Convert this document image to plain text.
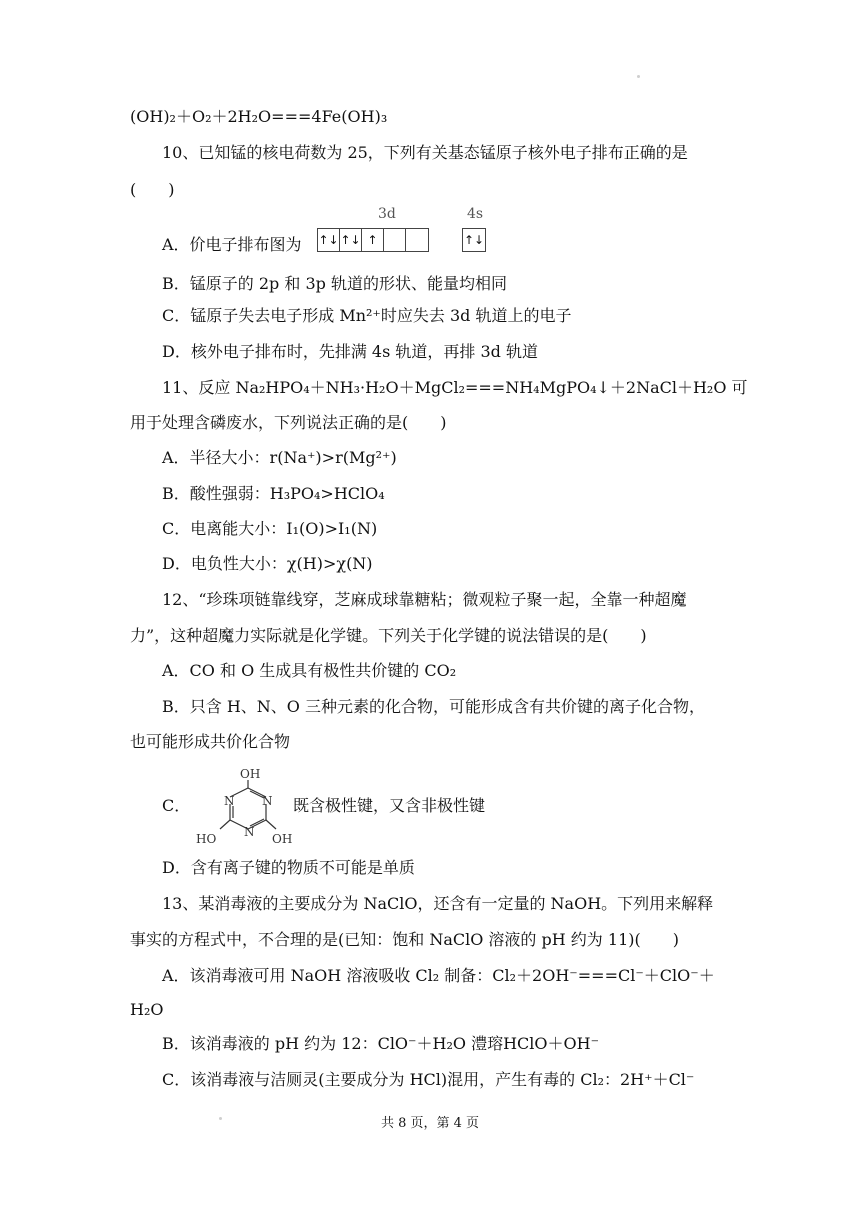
(OH)₂＋O₂＋2H₂O===4Fe(OH)₃
10、已知锰的核电荷数为 25，下列有关基态锰原子核外电子排布正确的是
(　　)
A．价电子排布图为
3d	4s
↑↓ ↑↓ ↑	↑↓
B．锰原子的 2p 和 3p 轨道的形状、能量均相同
C．锰原子失去电子形成 Mn²⁺时应失去 3d 轨道上的电子
D．核外电子排布时，先排满 4s 轨道，再排 3d 轨道
11、反应 Na₂HPO₄＋NH₃·H₂O＋MgCl₂===NH₄MgPO₄↓＋2NaCl＋H₂O 可
用于处理含磷废水，下列说法正确的是(　　)
A．半径大小：r(Na⁺)>r(Mg²⁺)
B．酸性强弱：H₃PO₄>HClO₄
C．电离能大小：I₁(O)>I₁(N)
D．电负性大小：χ(H)>χ(N)
12、“珍珠项链靠线穿，芝麻成球靠糖粘；微观粒子聚一起，全靠一种超魔
力”，这种超魔力实际就是化学键。下列关于化学键的说法错误的是(　　)
A．CO 和 O 生成具有极性共价键的 CO₂
B．只含 H、N、O 三种元素的化合物，可能形成含有共价键的离子化合物，
也可能形成共价化合物
C．
OH
N N
N
HO	OH
既含极性键，又含非极性键
D．含有离子键的物质不可能是单质
13、某消毒液的主要成分为 NaClO，还含有一定量的 NaOH。下列用来解释
事实的方程式中，不合理的是(已知：饱和 NaClO 溶液的 pH 约为 11)(　　)
A．该消毒液可用 NaOH 溶液吸收 Cl₂ 制备：Cl₂＋2OH⁻===Cl⁻＋ClO⁻＋
H₂O
B．该消毒液的 pH 约为 12：ClO⁻＋H₂O 澧瑢HClO＋OH⁻
C．该消毒液与洁厕灵(主要成分为 HCl)混用，产生有毒的 Cl₂：2H⁺＋Cl⁻
共 8 页，第 4 页
